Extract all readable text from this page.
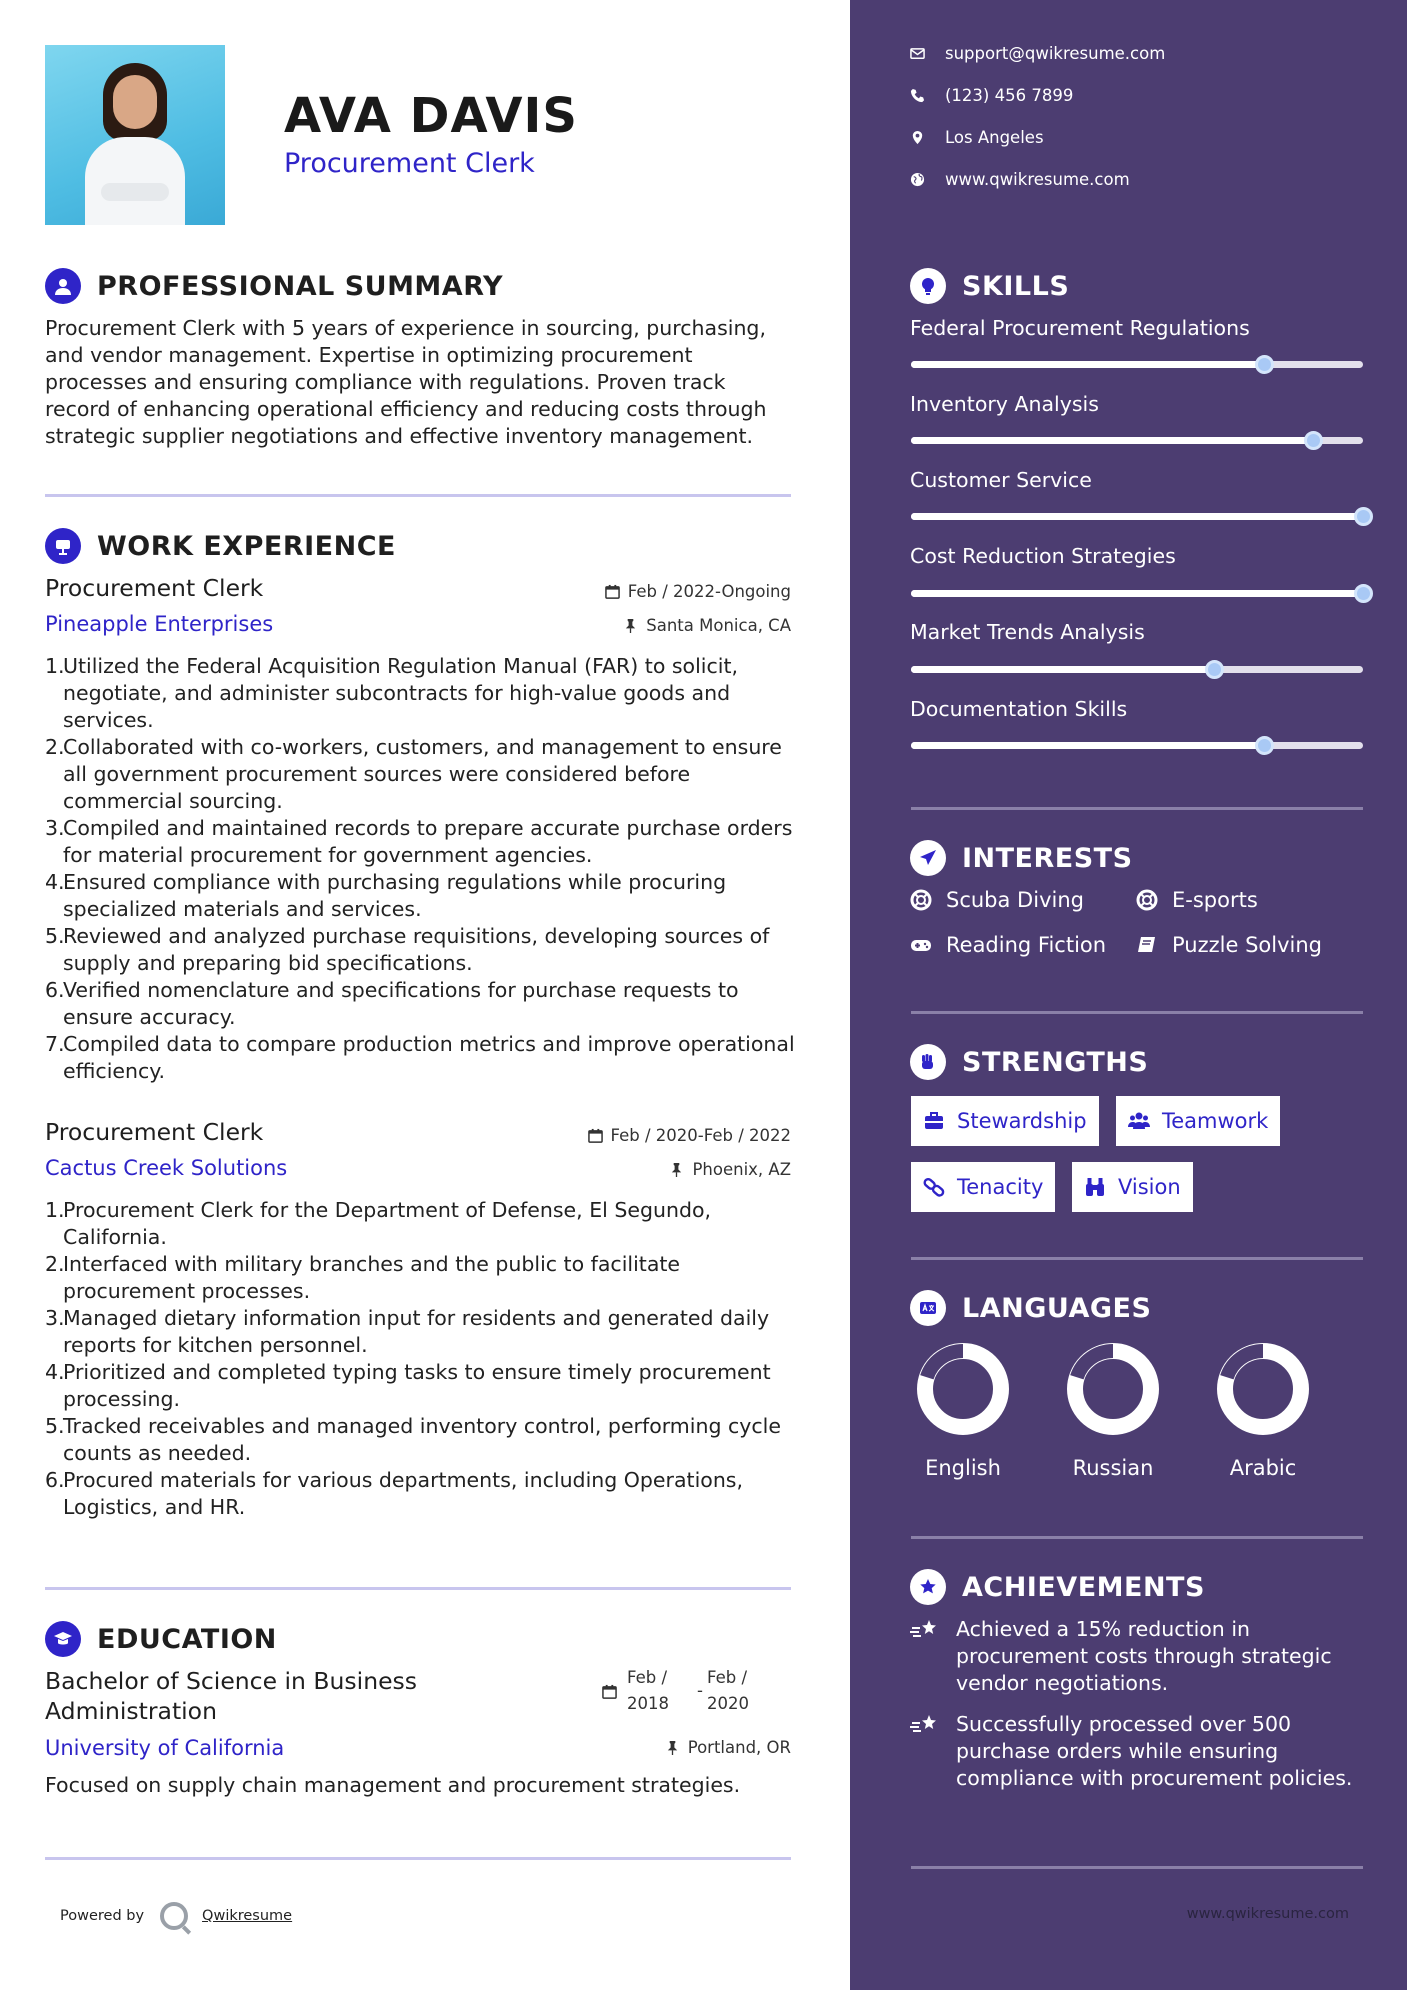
AVA DAVIS
Procurement Clerk
PROFESSIONAL SUMMARY
Procurement Clerk with 5 years of experience in sourcing, purchasing, and vendor management. Expertise in optimizing procurement processes and ensuring compliance with regulations. Proven track record of enhancing operational efficiency and reducing costs through strategic supplier negotiations and effective inventory management.
WORK EXPERIENCE
Procurement Clerk	Feb / 2022-Ongoing
Pineapple Enterprises	Santa Monica, CA
1.
Utilized the Federal Acquisition Regulation Manual (FAR) to solicit, negotiate, and administer subcontracts for high-value goods and services.
2.
Collaborated with co-workers, customers, and management to ensure all government procurement sources were considered before commercial sourcing.
3.
Compiled and maintained records to prepare accurate purchase orders for material procurement for government agencies.
4.
Ensured compliance with purchasing regulations while procuring specialized materials and services.
5.
Reviewed and analyzed purchase requisitions, developing sources of supply and preparing bid specifications.
6.
Verified nomenclature and specifications for purchase requests to ensure accuracy.
7.
Compiled data to compare production metrics and improve operational efficiency.
Procurement Clerk	Feb / 2020-Feb / 2022
Cactus Creek Solutions	Phoenix, AZ
1.
Procurement Clerk for the Department of Defense, El Segundo, California.
2.
Interfaced with military branches and the public to facilitate procurement processes.
3.
Managed dietary information input for residents and generated daily reports for kitchen personnel.
4.
Prioritized and completed typing tasks to ensure timely procurement processing.
5.
Tracked receivables and managed inventory control, performing cycle counts as needed.
6.
Procured materials for various departments, including Operations, Logistics, and HR.
EDUCATION
Bachelor of Science in Business
Administration
Feb /
2018
-
Feb /
2020
University of California	Portland, OR
Focused on supply chain management and procurement strategies.
Powered by	Qwikresume
support@qwikresume.com
(123) 456 7899
Los Angeles
www.qwikresume.com
SKILLS
Federal Procurement Regulations
Inventory Analysis
Customer Service
Cost Reduction Strategies
Market Trends Analysis
Documentation Skills
INTERESTS
Scuba Diving	E-sports
Reading Fiction	Puzzle Solving
STRENGTHS
Stewardship	Teamwork
Tenacity	Vision
LANGUAGES
English	Russian	Arabic
ACHIEVEMENTS
Achieved a 15% reduction in procurement costs through strategic vendor negotiations.
Successfully processed over 500 purchase orders while ensuring compliance with procurement policies.
www.qwikresume.com
